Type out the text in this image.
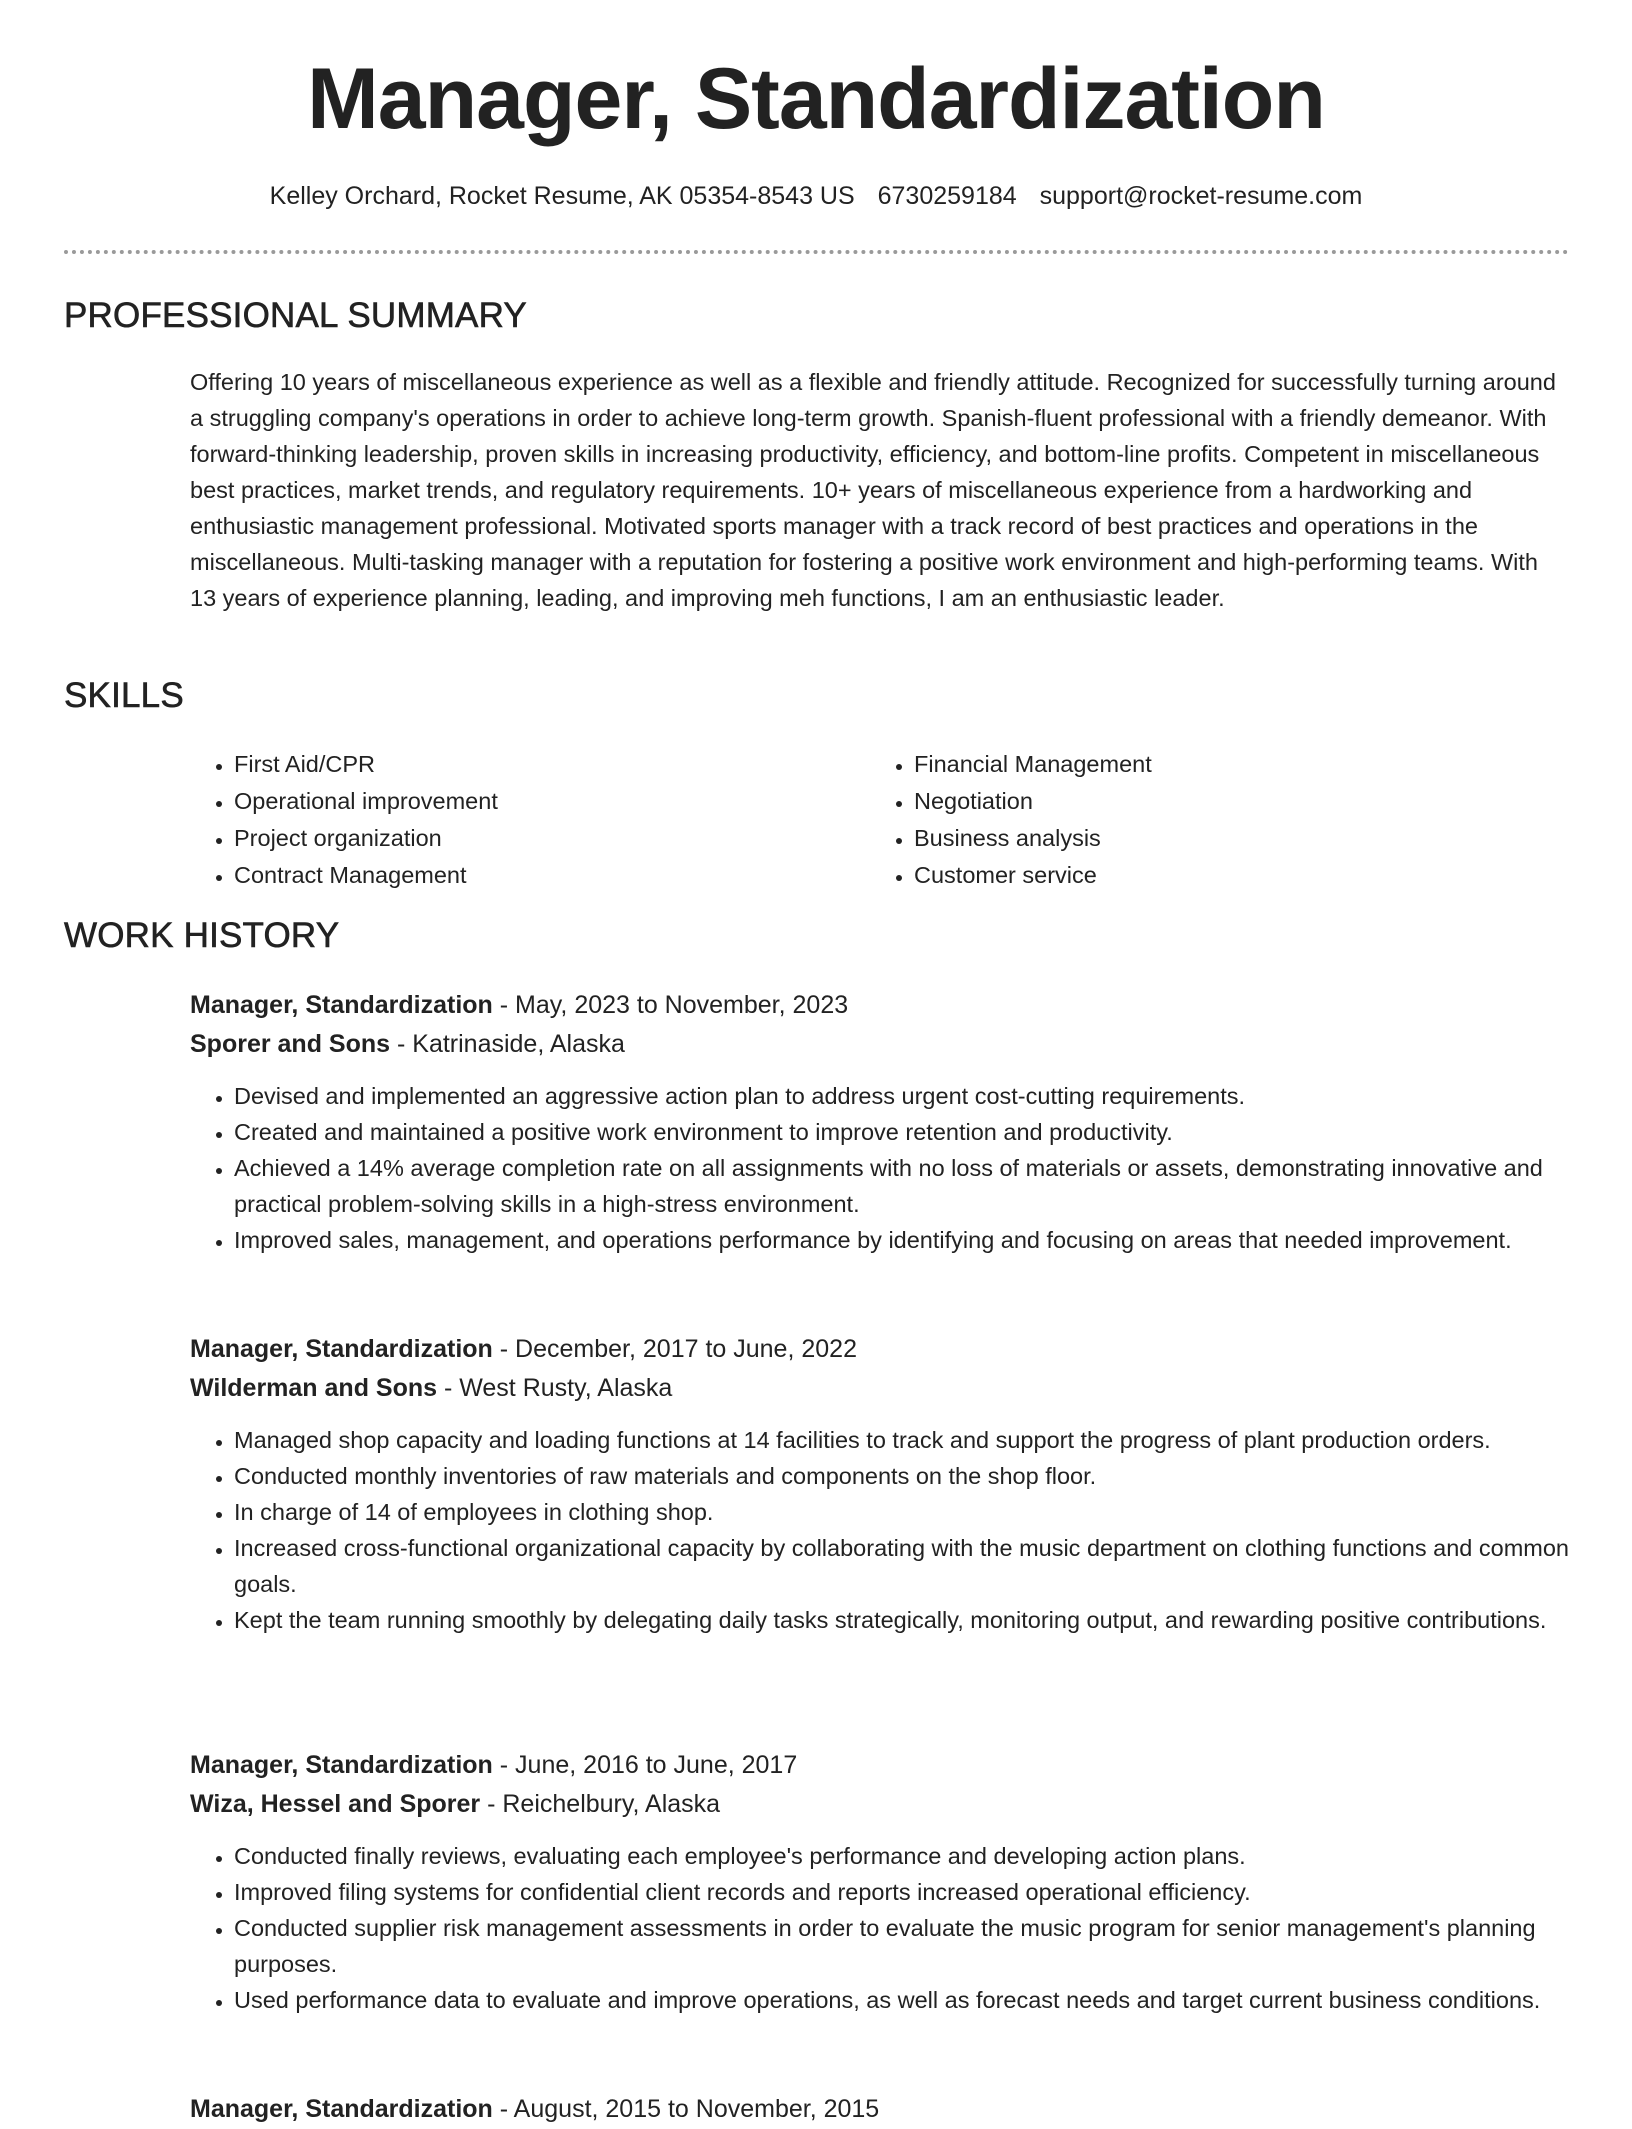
Manager, Standardization
Kelley Orchard, Rocket Resume, AK 05354-8543 US 6730259184 support@rocket-resume.com
PROFESSIONAL SUMMARY

Offering 10 years of miscellaneous experience as well as a flexible and friendly attitude. Recognized for successfully turning around a struggling company's operations in order to achieve long-term growth. Spanish-fluent professional with a friendly demeanor. With forward-thinking leadership, proven skills in increasing productivity, efficiency, and bottom-line profits. Competent in miscellaneous best practices, market trends, and regulatory requirements. 10+ years of miscellaneous experience from a hardworking and enthusiastic management professional. Motivated sports manager with a track record of best practices and operations in the miscellaneous. Multi-tasking manager with a reputation for fostering a positive work environment and high-performing teams. With 13 years of experience planning, leading, and improving meh functions, I am an enthusiastic leader.

SKILLS
• First Aid/CPR
• Operational improvement
• Project organization
• Contract Management
• Financial Management
• Negotiation
• Business analysis
• Customer service
WORK HISTORY
Manager, Standardization - May, 2023 to November, 2023
Sporer and Sons - Katrinaside, Alaska
• Devised and implemented an aggressive action plan to address urgent cost-cutting requirements.
• Created and maintained a positive work environment to improve retention and productivity.
• Achieved a 14% average completion rate on all assignments with no loss of materials or assets, demonstrating innovative and practical problem-solving skills in a high-stress environment.
• Improved sales, management, and operations performance by identifying and focusing on areas that needed improvement.
Manager, Standardization - December, 2017 to June, 2022
Wilderman and Sons - West Rusty, Alaska
• Managed shop capacity and loading functions at 14 facilities to track and support the progress of plant production orders.
• Conducted monthly inventories of raw materials and components on the shop floor.
• In charge of 14 of employees in clothing shop.
• Increased cross-functional organizational capacity by collaborating with the music department on clothing functions and common goals.
• Kept the team running smoothly by delegating daily tasks strategically, monitoring output, and rewarding positive contributions.
Manager, Standardization - June, 2016 to June, 2017
Wiza, Hessel and Sporer - Reichelbury, Alaska
• Conducted finally reviews, evaluating each employee's performance and developing action plans.
• Improved filing systems for confidential client records and reports increased operational efficiency.
• Conducted supplier risk management assessments in order to evaluate the music program for senior management's planning purposes.
• Used performance data to evaluate and improve operations, as well as forecast needs and target current business conditions.
Manager, Standardization - August, 2015 to November, 2015
